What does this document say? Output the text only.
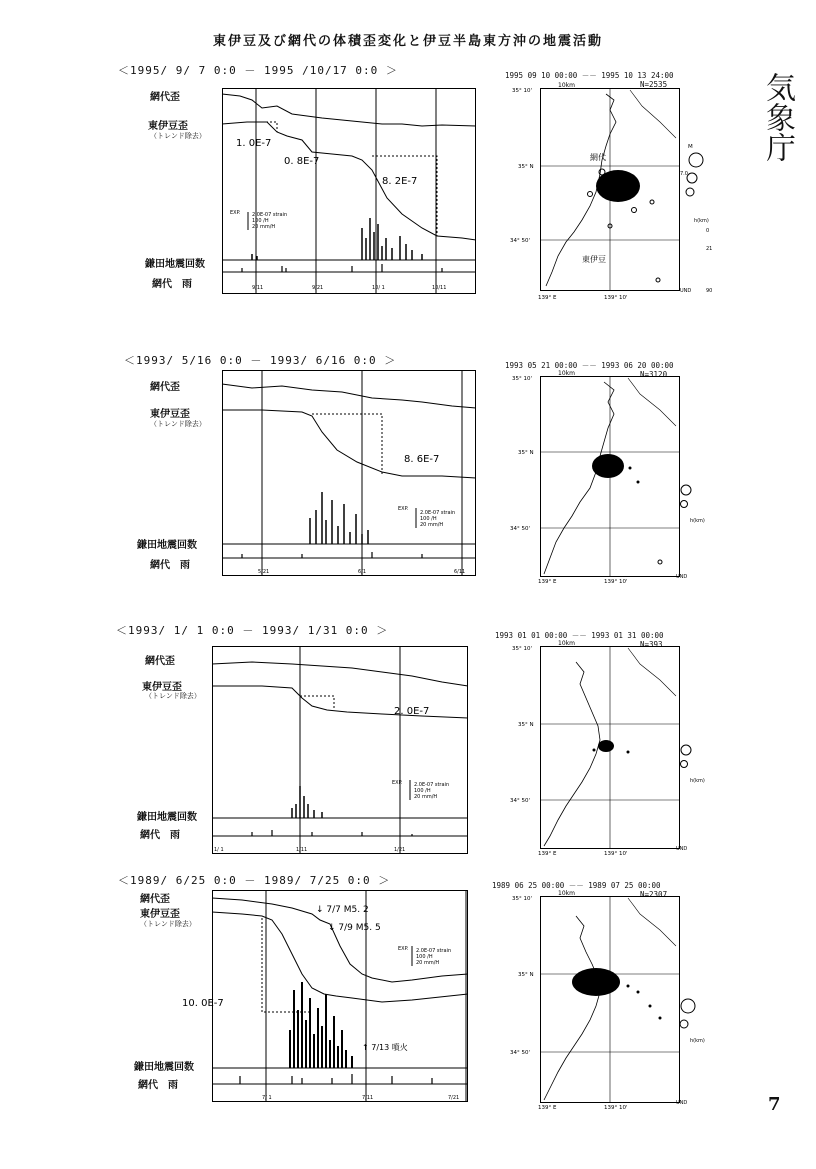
東伊豆及び網代の体積歪変化と伊豆半島東方沖の地震活動
気象庁
7
＜1995/ 9/ 7 0:0 － 1995 /10/17 0:0 ＞
網代歪
東伊豆歪
（トレンド除去）
鎌田地震回数
網代　雨
1. 0E-7
0. 8E-7
8. 2E-7
EXP. 2.0E-07 strain
100 /H
20 mm/H
9/11	9/21	10/ 1	10/11
1995 09 10 00:00 －－ 1995 10 13 24:00
N=2535
網代
東伊豆
10km
35° 10'
35° N
34° 50'
139° E	139° 10'
M
7.0
h(km)
0
21
90
UND
＜1993/ 5/16 0:0 － 1993/ 6/16 0:0 ＞
網代歪
東伊豆歪
（トレンド除去）
鎌田地震回数
網代　雨
8. 6E-7
EXP.
2.0E-07 strain
100 /H
20 mm/H
5/21	6/1	6/11
1993 05 21 00:00 －－ 1993 06 20 00:00
N=3120
10km
35° 10'
35° N
34° 50'
139° E	139° 10'
h(km)
UND
＜1993/ 1/ 1 0:0 － 1993/ 1/31 0:0 ＞
網代歪
東伊豆歪
（トレンド除去）
鎌田地震回数
網代　雨
2. 0E-7
EXP. 2.0E-07 strain
100 /H
20 mm/H
1/ 1	1/11	1/21
1993 01 01 00:00 －－ 1993 01 31 00:00
N=393
10km
35° 10'
35° N
34° 50'
139° E	139° 10'
h(km)
UND
＜1989/ 6/25 0:0 － 1989/ 7/25 0:0 ＞
網代歪
東伊豆歪
（トレンド除去）
鎌田地震回数
網代　雨
↓ 7/7 M5. 2
↓ 7/9 M5. 5
↑ 7/13 噴火
10. 0E-7
EXP. 2.0E-07 strain
100 /H
20 mm/H
7/ 1	7/11	7/21
1989 06 25 00:00 －－ 1989 07 25 00:00
N=2307
10km
35° 10'
35° N
34° 50'
139° E	139° 10'
h(km)
UND
